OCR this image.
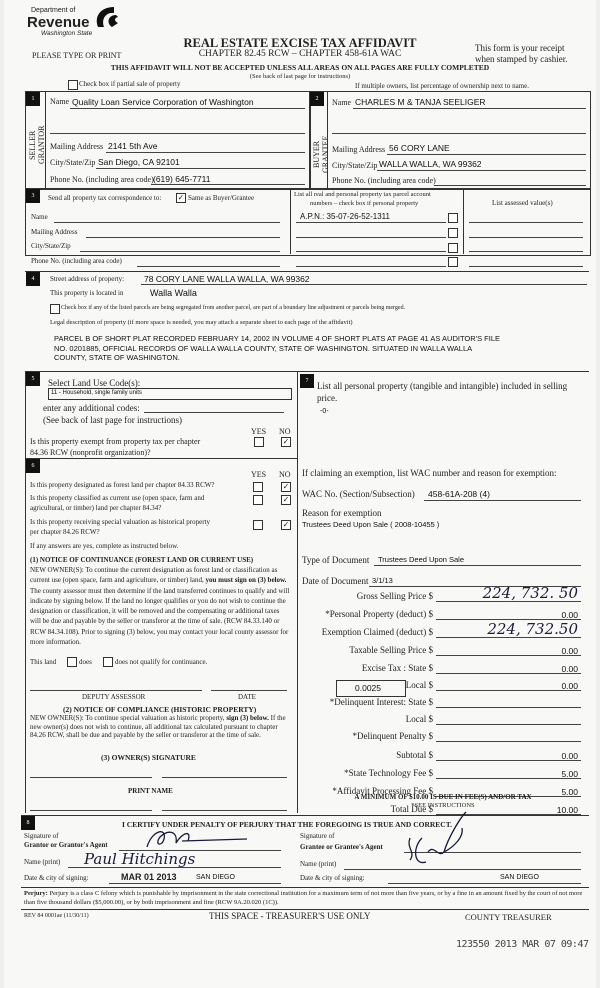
Department of
Revenue
Washington State
REAL ESTATE EXCISE TAX AFFIDAVIT
PLEASE TYPE OR PRINT	CHAPTER 82.45 RCW – CHAPTER 458-61A WAC
This form is your receipt
when stamped by cashier.
THIS AFFIDAVIT WILL NOT BE ACCEPTED UNLESS ALL AREAS ON ALL PAGES ARE FULLY COMPLETED
(See back of last page for instructions)
Check box if partial sale of property	If multiple owners, list percentage of ownership next to name.
1	2
SELLER
GRANTOR	BUYER
GRANTEE
Name Quality Loan Service Corporation of Washington
Mailing Address 2141 5th Ave
City/State/Zip San Diego, CA 92101
Phone No. (including area code) (619) 645-7711
Name CHARLES M & TANJA SEELIGER
Mailing Address 56 CORY LANE
City/State/Zip WALLA WALLA, WA 99362
Phone No. (including area code)
3	Send all property tax correspondence to: ✓ Same as Buyer/Grantee
Name
Mailing Address
City/State/Zip
List all real and personal property tax parcel account
numbers – check box if personal property
A.P.N.: 35-07-26-52-1311
List assessed value(s)
Phone No. (including area code)
4	Street address of property: 78 CORY LANE WALLA WALLA, WA 99362
This property is located in	Walla Walla
Check box if any of the listed parcels are being segregated from another parcel, are part of a boundary line adjustment or parcels being merged.
Legal description of property (if more space is needed, you may attach a separate sheet to each page of the affidavit)
PARCEL B OF SHORT PLAT RECORDED FEBRUARY 14, 2002 IN VOLUME 4 OF SHORT PLATS AT PAGE 41 AS AUDITOR'S FILE
NO. 0201885, OFFICIAL RECORDS OF WALLA WALLA COUNTY, STATE OF WASHINGTON. SITUATED IN WALLA WALLA
COUNTY, STATE OF WASHINGTON.
5	Select Land Use Code(s):
11 - Household, single family units
enter any additional codes:
(See back of last page for instructions)
YES NO
Is this property exempt from property tax per chapter
84.36 RCW (nonprofit organization)?
✓
7 List all personal property (tangible and intangible) included in selling
price.
-0-
6
YES NO
Is this property designated as forest land per chapter 84.33 RCW?	✓
Is this property classified as current use (open space, farm and
agricultural, or timber) land per chapter 84.34?
✓
Is this property receiving special valuation as historical property
per chapter 84.26 RCW?
✓
If any answers are yes, complete as instructed below.
(1) NOTICE OF CONTINUANCE (FOREST LAND OR CURRENT USE)
NEW OWNER(S): To continue the current designation as forest land or classification as current use (open space, farm and agriculture, or timber) land, you must sign on (3) below. The county assessor must then determine if the land transferred continues to qualify and will indicate by signing below. If the land no longer qualifies or you do not wish to continue the designation or classification, it will be removed and the compensating or additional taxes will be due and payable by the seller or transferor at the time of sale. (RCW 84.33.140 or RCW 84.34.108). Prior to signing (3) below, you may contact your local county assessor for more information.
This land	does	does not qualify for continuance.
DEPUTY ASSESSOR	DATE
(2) NOTICE OF COMPLIANCE (HISTORIC PROPERTY)
NEW OWNER(S): To continue special valuation as historic property, sign (3) below. If the new owner(s) does not wish to continue, all additional tax calculated pursuant to chapter 84.26 RCW, shall be due and payable by the seller or transferor at the time of sale.
(3) OWNER(S) SIGNATURE
PRINT NAME
If claiming an exemption, list WAC number and reason for exemption:
WAC No. (Section/Subsection) 458-61A-208 (4)
Reason for exemption
Trustees Deed Upon Sale ( 2008-10455 )
Type of Document Trustees Deed Upon Sale
Date of Document 3/1/13
0.0025
Gross Selling Price $	224, 732. 50
*Personal Property (deduct) $	0.00
Exemption Claimed (deduct) $	224, 732.50
Taxable Selling Price $	0.00
Excise Tax : State $	0.00
Local $	0.00
*Delinquent Interest: State $
Local $
*Delinquent Penalty $
Subtotal $	0.00
*State Technology Fee $	5.00
*Affidavit Processing Fee $	5.00
Total Due $	10.00
A MINIMUM OF $10.00 IS DUE IN FEE(S) AND/OR TAX
*SEE INSTRUCTIONS
8	I CERTIFY UNDER PENALTY OF PERJURY THAT THE FOREGOING IS TRUE AND CORRECT.
Signature of
Grantor or Grantor's Agent
Name (print) Paul Hitchings
Date & city of signing:	MAR 01 2013	SAN DIEGO
Signature of
Grantee or Grantee's Agent
Name (print)
Date & city of signing:	SAN DIEGO
Perjury: Perjury is a class C felony which is punishable by imprisonment in the state correctional institution for a maximum term of not more than five years, or by a fine in an amount fixed by the court of not more than five thousand dollars ($5,000.00), or by both imprisonment and fine (RCW 9A.20.020 (1C)).
REV 84 0001ae (11/30/11)	THIS SPACE - TREASURER'S USE ONLY	COUNTY TREASURER
123550 2013 MAR 07 09:47
